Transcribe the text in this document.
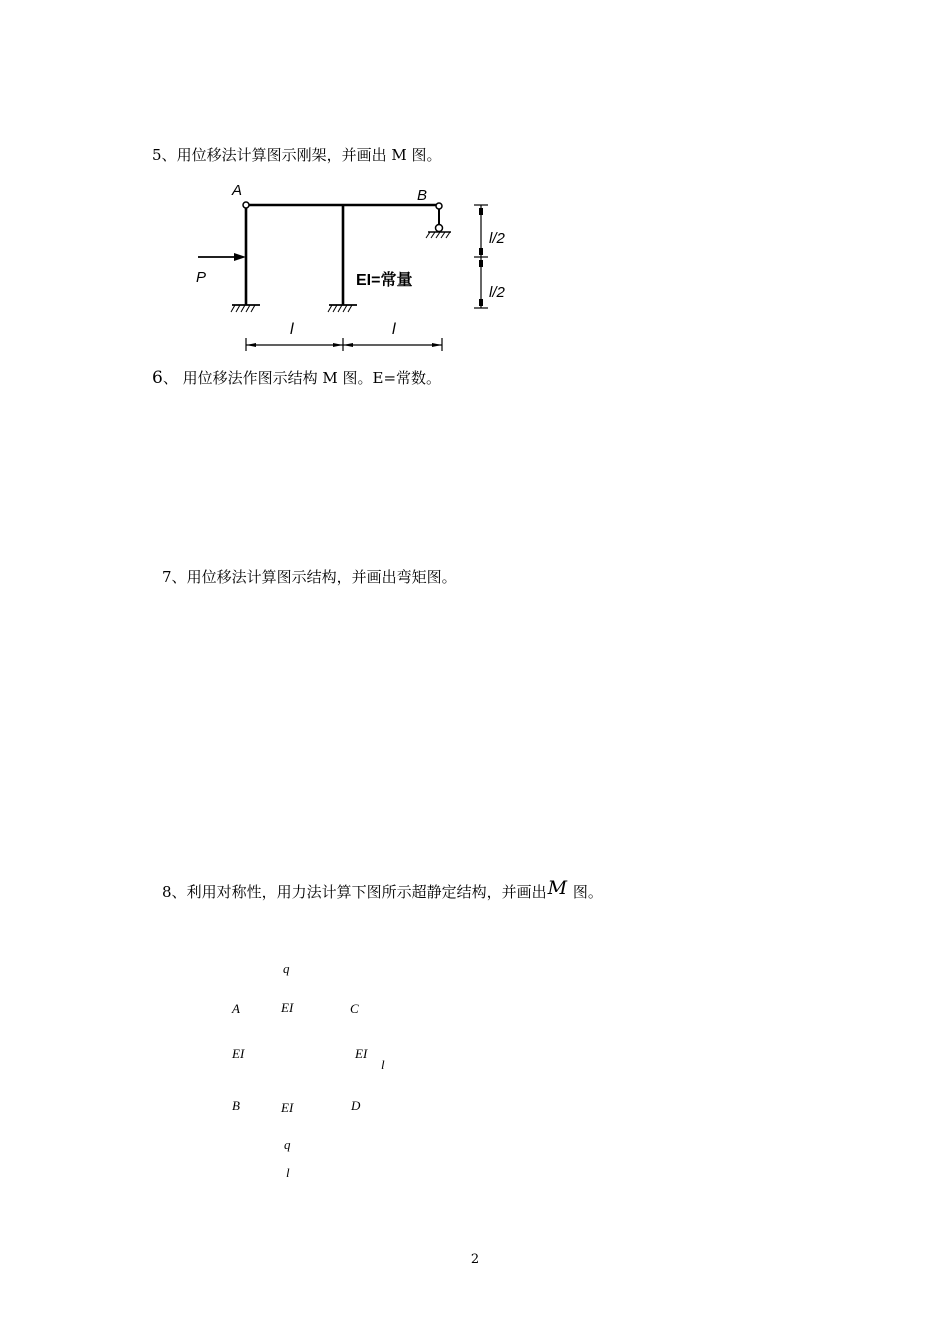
5、用位移法计算图示刚架，并画出 M 图。
A	B
P	EI=常量
l	l
l/2
l/2
6、 用位移法作图示结构 M 图。E=常数。
7、用位移法计算图示结构，并画出弯矩图。
8、利用对称性，用力法计算下图所示超静定结构，并画出M 图。
q
A	EI	C
EI	EI
l
B	EI	D
q
l
2
